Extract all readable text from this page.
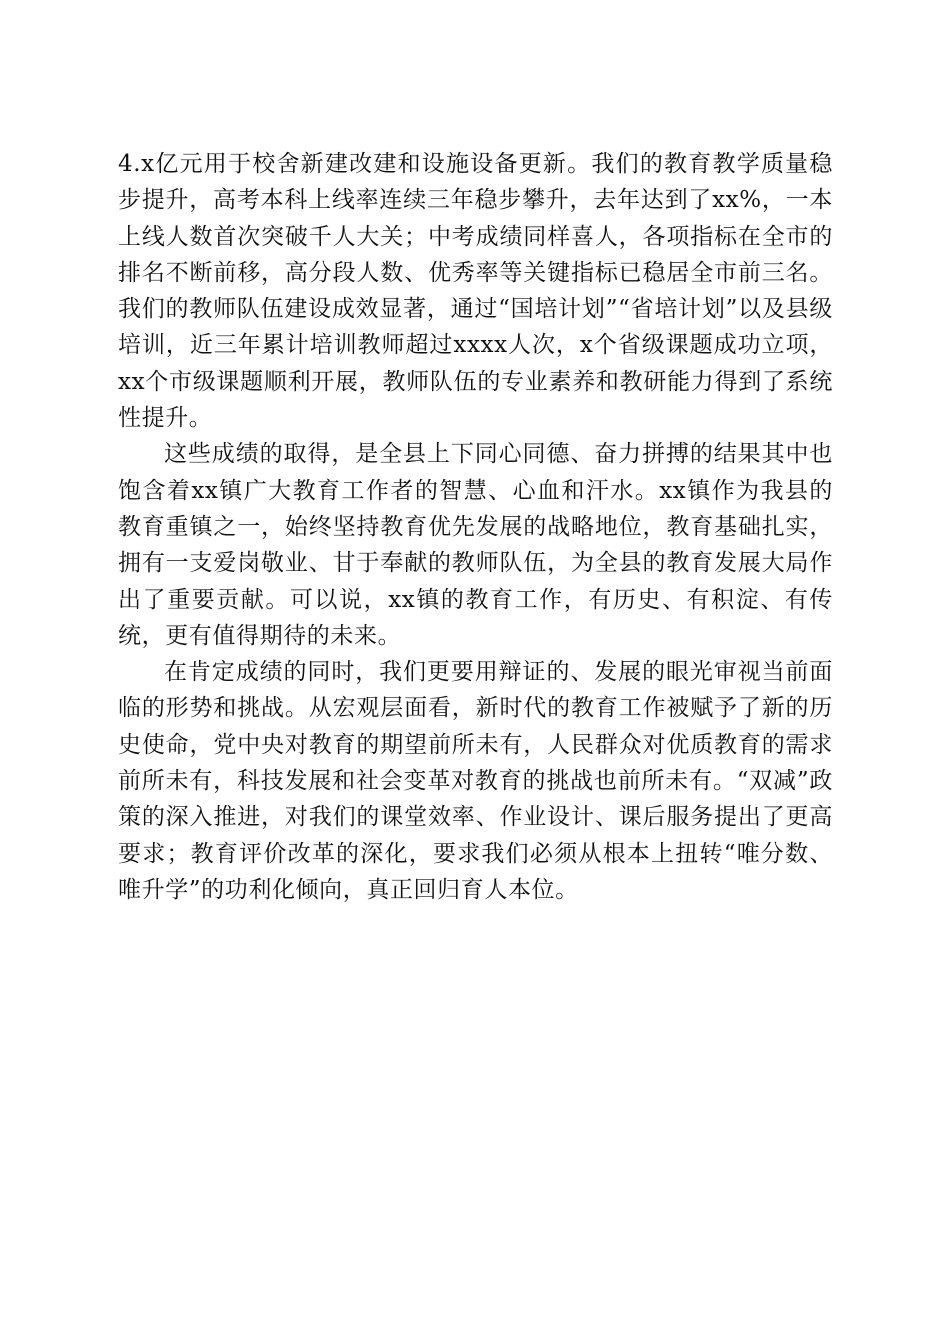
4.x亿元用于校舍新建改建和设施设备更新。我们的教育教学质量稳步提升，高考本科上线率连续三年稳步攀升，去年达到了xx%，一本上线人数首次突破千人大关；中考成绩同样喜人，各项指标在全市的排名不断前移，高分段人数、优秀率等关键指标已稳居全市前三名。我们的教师队伍建设成效显著，通过“国培计划”“省培计划”以及县级培训，近三年累计培训教师超过xxxx人次，x个省级课题成功立项，xx个市级课题顺利开展，教师队伍的专业素养和教研能力得到了系统性提升。

这些成绩的取得，是全县上下同心同德、奋力拼搏的结果其中也饱含着xx镇广大教育工作者的智慧、心血和汗水。xx镇作为我县的教育重镇之一，始终坚持教育优先发展的战略地位，教育基础扎实，拥有一支爱岗敬业、甘于奉献的教师队伍，为全县的教育发展大局作出了重要贡献。可以说，xx镇的教育工作，有历史、有积淀、有传统，更有值得期待的未来。

在肯定成绩的同时，我们更要用辩证的、发展的眼光审视当前面临的形势和挑战。从宏观层面看，新时代的教育工作被赋予了新的历史使命，党中央对教育的期望前所未有，人民群众对优质教育的需求前所未有，科技发展和社会变革对教育的挑战也前所未有。“双减”政策的深入推进，对我们的课堂效率、作业设计、课后服务提出了更高要求；教育评价改革的深化，要求我们必须从根本上扭转“唯分数、唯升学”的功利化倾向，真正回归育人本位。
